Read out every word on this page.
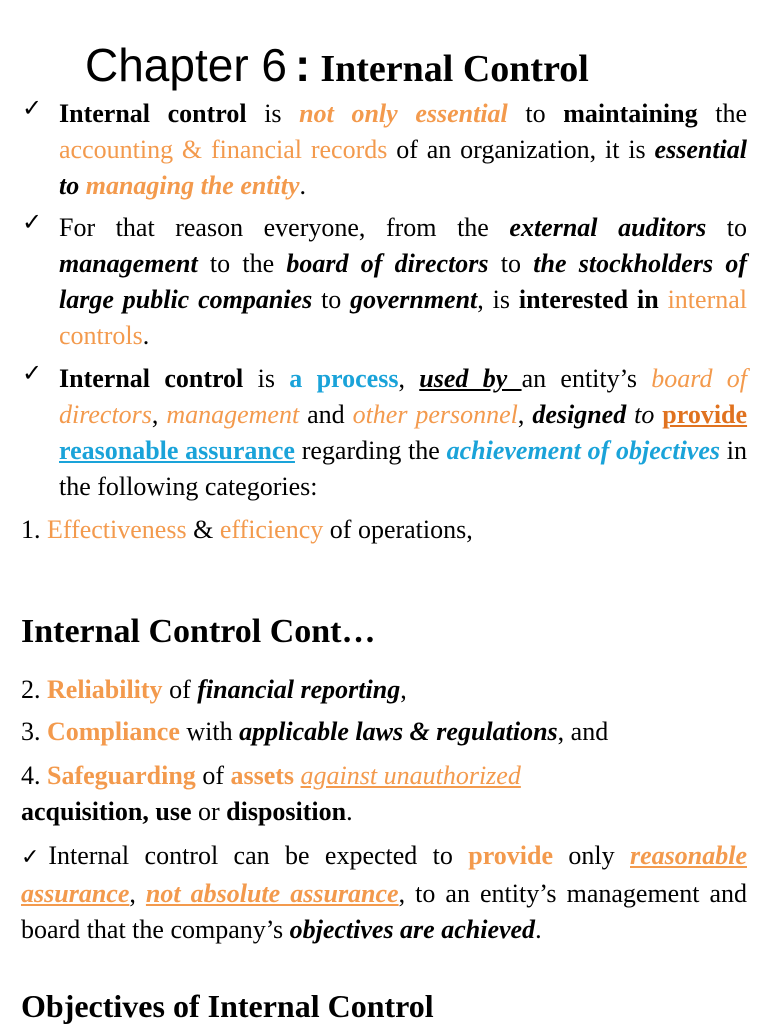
Chapter 6 : Internal Control
✓ Internal control is not only essential to maintaining the accounting & financial records of an organization, it is essential to managing the entity.
✓ For that reason everyone, from the external auditors to management to the board of directors to the stockholders of large public companies to government, is interested in internal controls.
✓ Internal control is a process, used by an entity’s board of directors, management and other personnel, designed to provide reasonable assurance regarding the achievement of objectives in the following categories:
1. Effectiveness & efficiency of operations,
Internal Control Cont…
2. Reliability of financial reporting,
3. Compliance with applicable laws & regulations, and
4. Safeguarding of assets against unauthorized
acquisition, use or disposition.
✓Internal control can be expected to provide only reasonable assurance, not absolute assurance, to an entity’s management and board that the company’s objectives are achieved.
Objectives of Internal Control
